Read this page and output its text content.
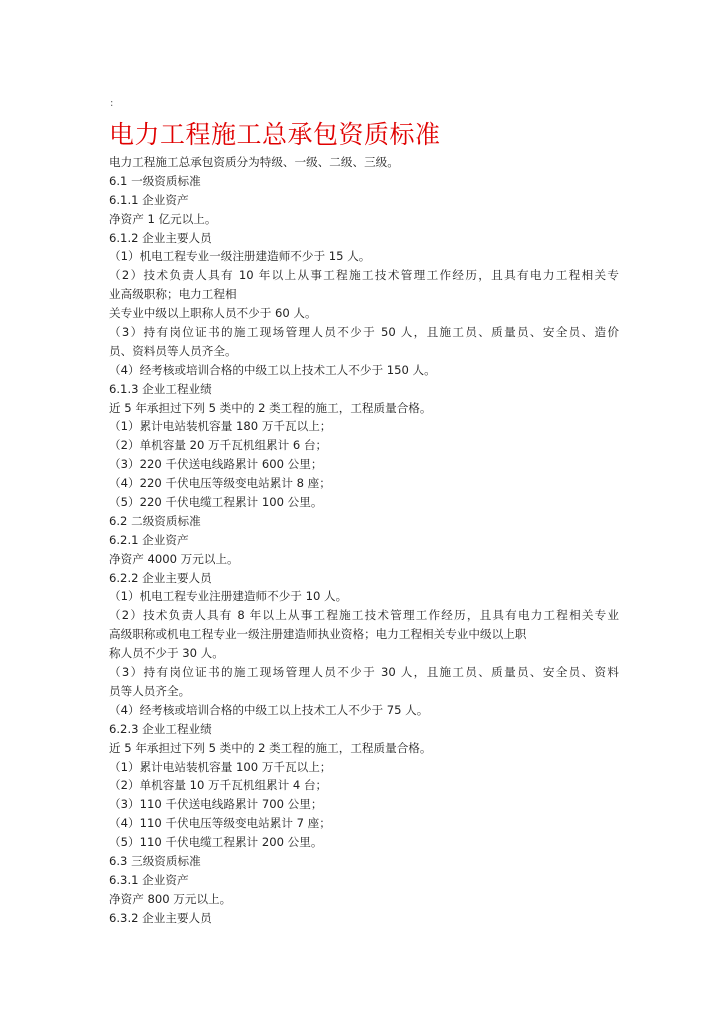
:
电力工程施工总承包资质标准
电力工程施工总承包资质分为特级、一级、二级、三级。
6.1 一级资质标准
6.1.1 企业资产
净资产 1 亿元以上。
6.1.2 企业主要人员
（1）机电工程专业一级注册建造师不少于 15 人。
（2）技术负责人具有 10 年以上从事工程施工技术管理工作经历，且具有电力工程相关专
业高级职称；电力工程相
关专业中级以上职称人员不少于 60 人。
（3）持有岗位证书的施工现场管理人员不少于 50 人，且施工员、质量员、安全员、造价
员、资料员等人员齐全。
（4）经考核或培训合格的中级工以上技术工人不少于 150 人。
6.1.3 企业工程业绩
近 5 年承担过下列 5 类中的 2 类工程的施工，工程质量合格。
（1）累计电站装机容量 180 万千瓦以上；
（2）单机容量 20 万千瓦机组累计 6 台；
（3）220 千伏送电线路累计 600 公里；
（4）220 千伏电压等级变电站累计 8 座；
（5）220 千伏电缆工程累计 100 公里。
6.2 二级资质标准
6.2.1 企业资产
净资产 4000 万元以上。
6.2.2 企业主要人员
（1）机电工程专业注册建造师不少于 10 人。
（2）技术负责人具有 8 年以上从事工程施工技术管理工作经历，且具有电力工程相关专业
高级职称或机电工程专业一级注册建造师执业资格；电力工程相关专业中级以上职
称人员不少于 30 人。
（3）持有岗位证书的施工现场管理人员不少于 30 人，且施工员、质量员、安全员、资料
员等人员齐全。
（4）经考核或培训合格的中级工以上技术工人不少于 75 人。
6.2.3 企业工程业绩
近 5 年承担过下列 5 类中的 2 类工程的施工，工程质量合格。
（1）累计电站装机容量 100 万千瓦以上；
（2）单机容量 10 万千瓦机组累计 4 台；
（3）110 千伏送电线路累计 700 公里；
（4）110 千伏电压等级变电站累计 7 座；
（5）110 千伏电缆工程累计 200 公里。
6.3 三级资质标准
6.3.1 企业资产
净资产 800 万元以上。
6.3.2 企业主要人员
